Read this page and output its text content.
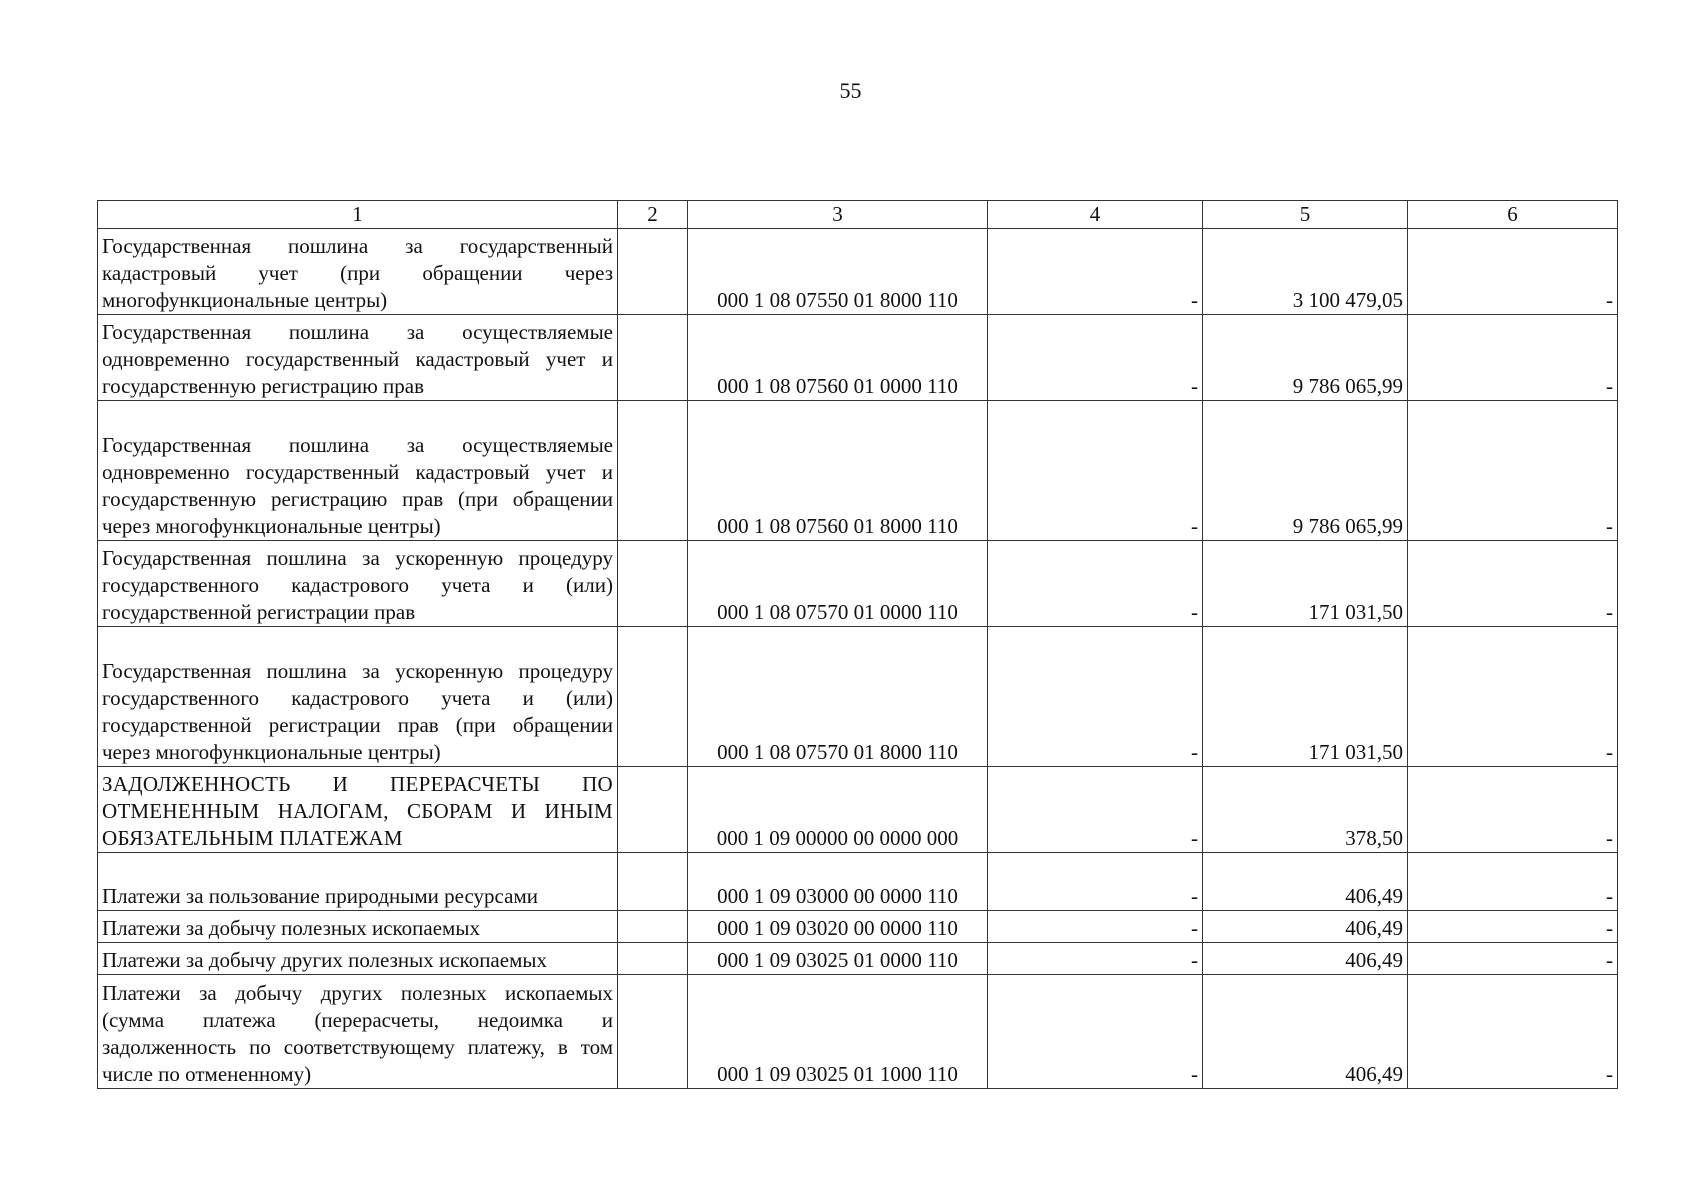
55
1	2	3	4	5	6
Государственная пошлина за государственный кадастровый учет (при обращении через многофункциональные центры)		000 1 08 07550 01 8000 110	-	3 100 479,05	-
Государственная пошлина за осуществляемые одновременно государственный кадастровый учет и государственную регистрацию прав		000 1 08 07560 01 0000 110	-	9 786 065,99	-
Государственная пошлина за осуществляемые одновременно государственный кадастровый учет и государственную регистрацию прав (при обращении через многофункциональные центры)		000 1 08 07560 01 8000 110	-	9 786 065,99	-
Государственная пошлина за ускоренную процедуру государственного кадастрового учета и (или) государственной регистрации прав		000 1 08 07570 01 0000 110	-	171 031,50	-
Государственная пошлина за ускоренную процедуру государственного кадастрового учета и (или) государственной регистрации прав (при обращении через многофункциональные центры)		000 1 08 07570 01 8000 110	-	171 031,50	-
ЗАДОЛЖЕННОСТЬ И ПЕРЕРАСЧЕТЫ ПО ОТМЕНЕННЫМ НАЛОГАМ, СБОРАМ И ИНЫМ ОБЯЗАТЕЛЬНЫМ ПЛАТЕЖАМ		000 1 09 00000 00 0000 000	-	378,50	-
Платежи за пользование природными ресурсами		000 1 09 03000 00 0000 110	-	406,49	-
Платежи за добычу полезных ископаемых		000 1 09 03020 00 0000 110	-	406,49	-
Платежи за добычу других полезных ископаемых		000 1 09 03025 01 0000 110	-	406,49	-
Платежи за добычу других полезных ископаемых (сумма платежа (перерасчеты, недоимка и задолженность по соответствующему платежу, в том числе по отмененному)		000 1 09 03025 01 1000 110	-	406,49	-
